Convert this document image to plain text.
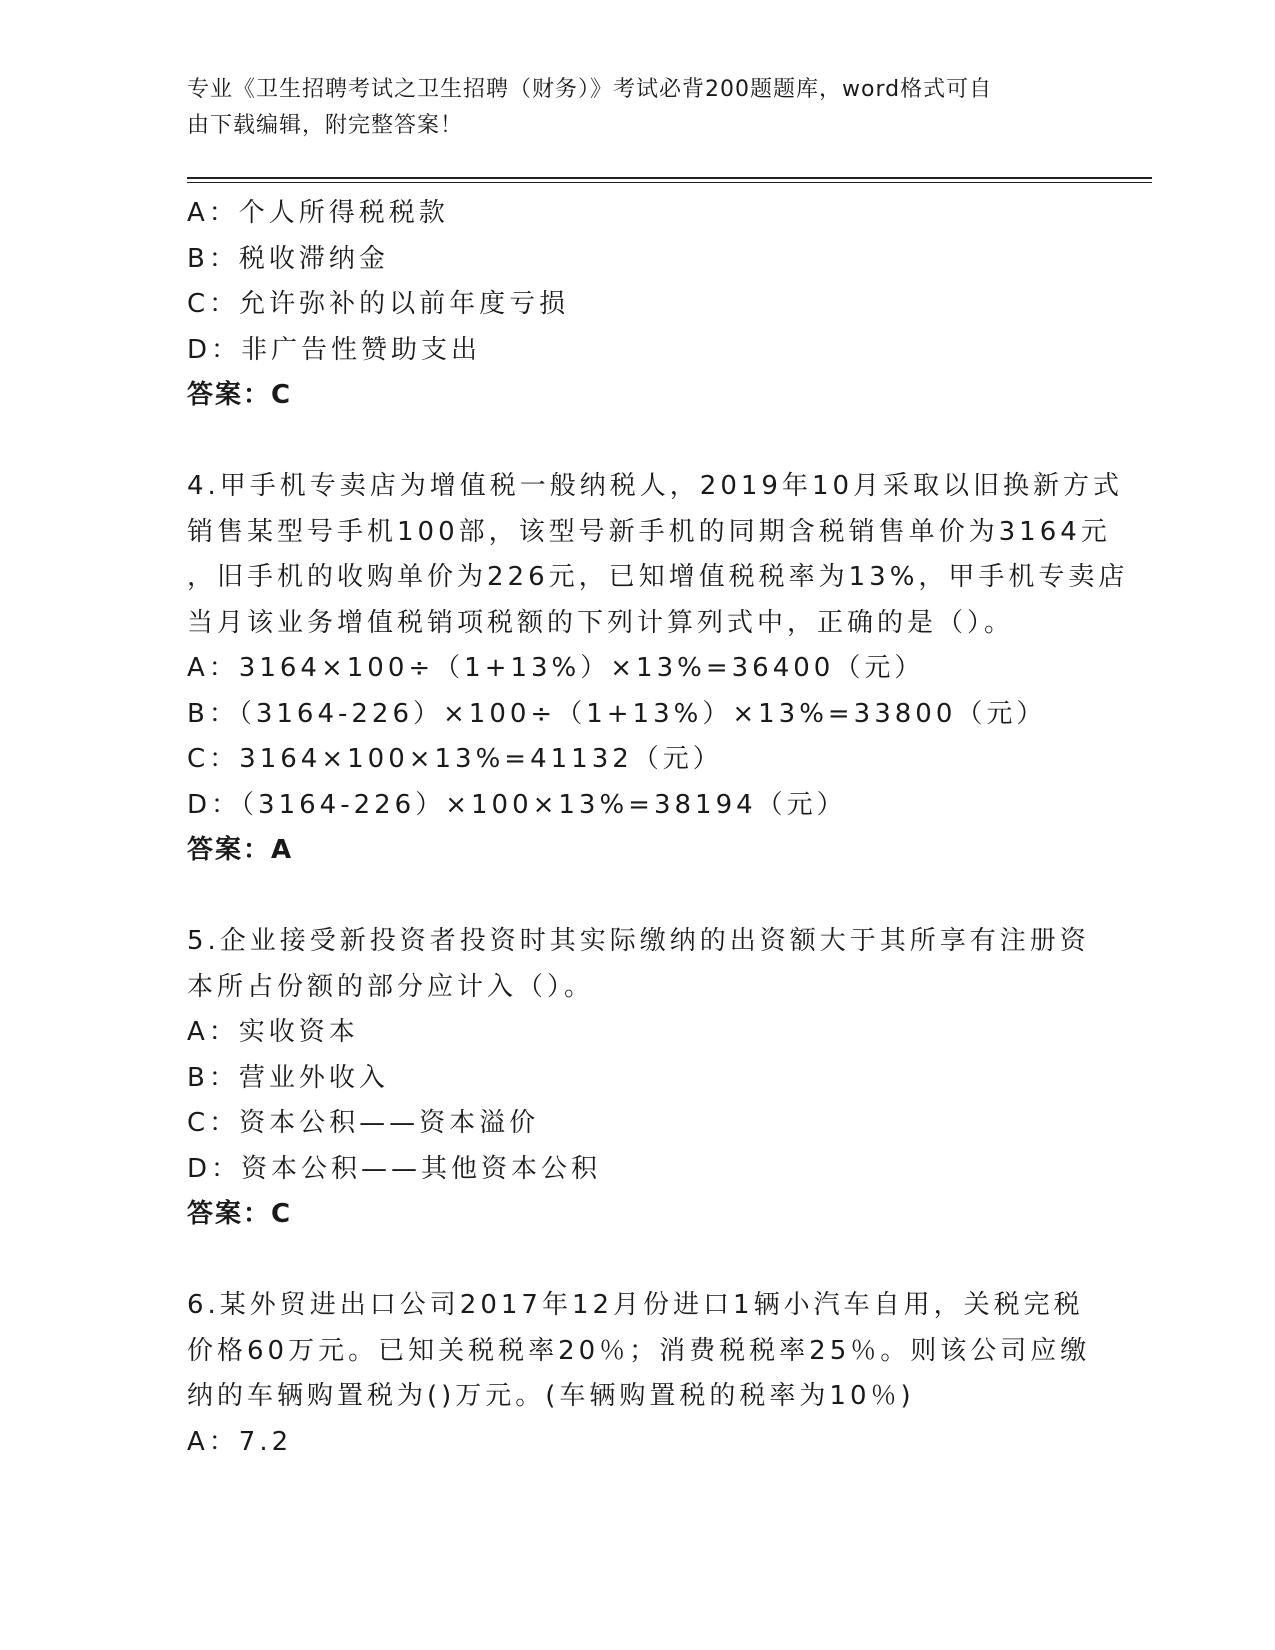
专业《卫生招聘考试之卫生招聘（财务）》考试必背200题题库，word格式可自
由下载编辑，附完整答案！
A：个人所得税税款
B：税收滞纳金
C：允许弥补的以前年度亏损
D：非广告性赞助支出
答案：C
4.甲手机专卖店为增值税一般纳税人，2019年10月采取以旧换新方式
销售某型号手机100部，该型号新手机的同期含税销售单价为3164元
，旧手机的收购单价为226元，已知增值税税率为13%，甲手机专卖店
当月该业务增值税销项税额的下列计算列式中，正确的是（）。
A：3164×100÷（1+13%）×13%=36400（元）
B：（3164-226）×100÷（1+13%）×13%=33800（元）
C：3164×100×13%=41132（元）
D：（3164-226）×100×13%=38194（元）
答案：A
5.企业接受新投资者投资时其实际缴纳的出资额大于其所享有注册资
本所占份额的部分应计入（）。
A：实收资本
B：营业外收入
C：资本公积——资本溢价
D：资本公积——其他资本公积
答案：C
6.某外贸进出口公司2017年12月份进口1辆小汽车自用，关税完税
价格60万元。已知关税税率20％；消费税税率25％。则该公司应缴
纳的车辆购置税为()万元。(车辆购置税的税率为10％)
A：7.2
